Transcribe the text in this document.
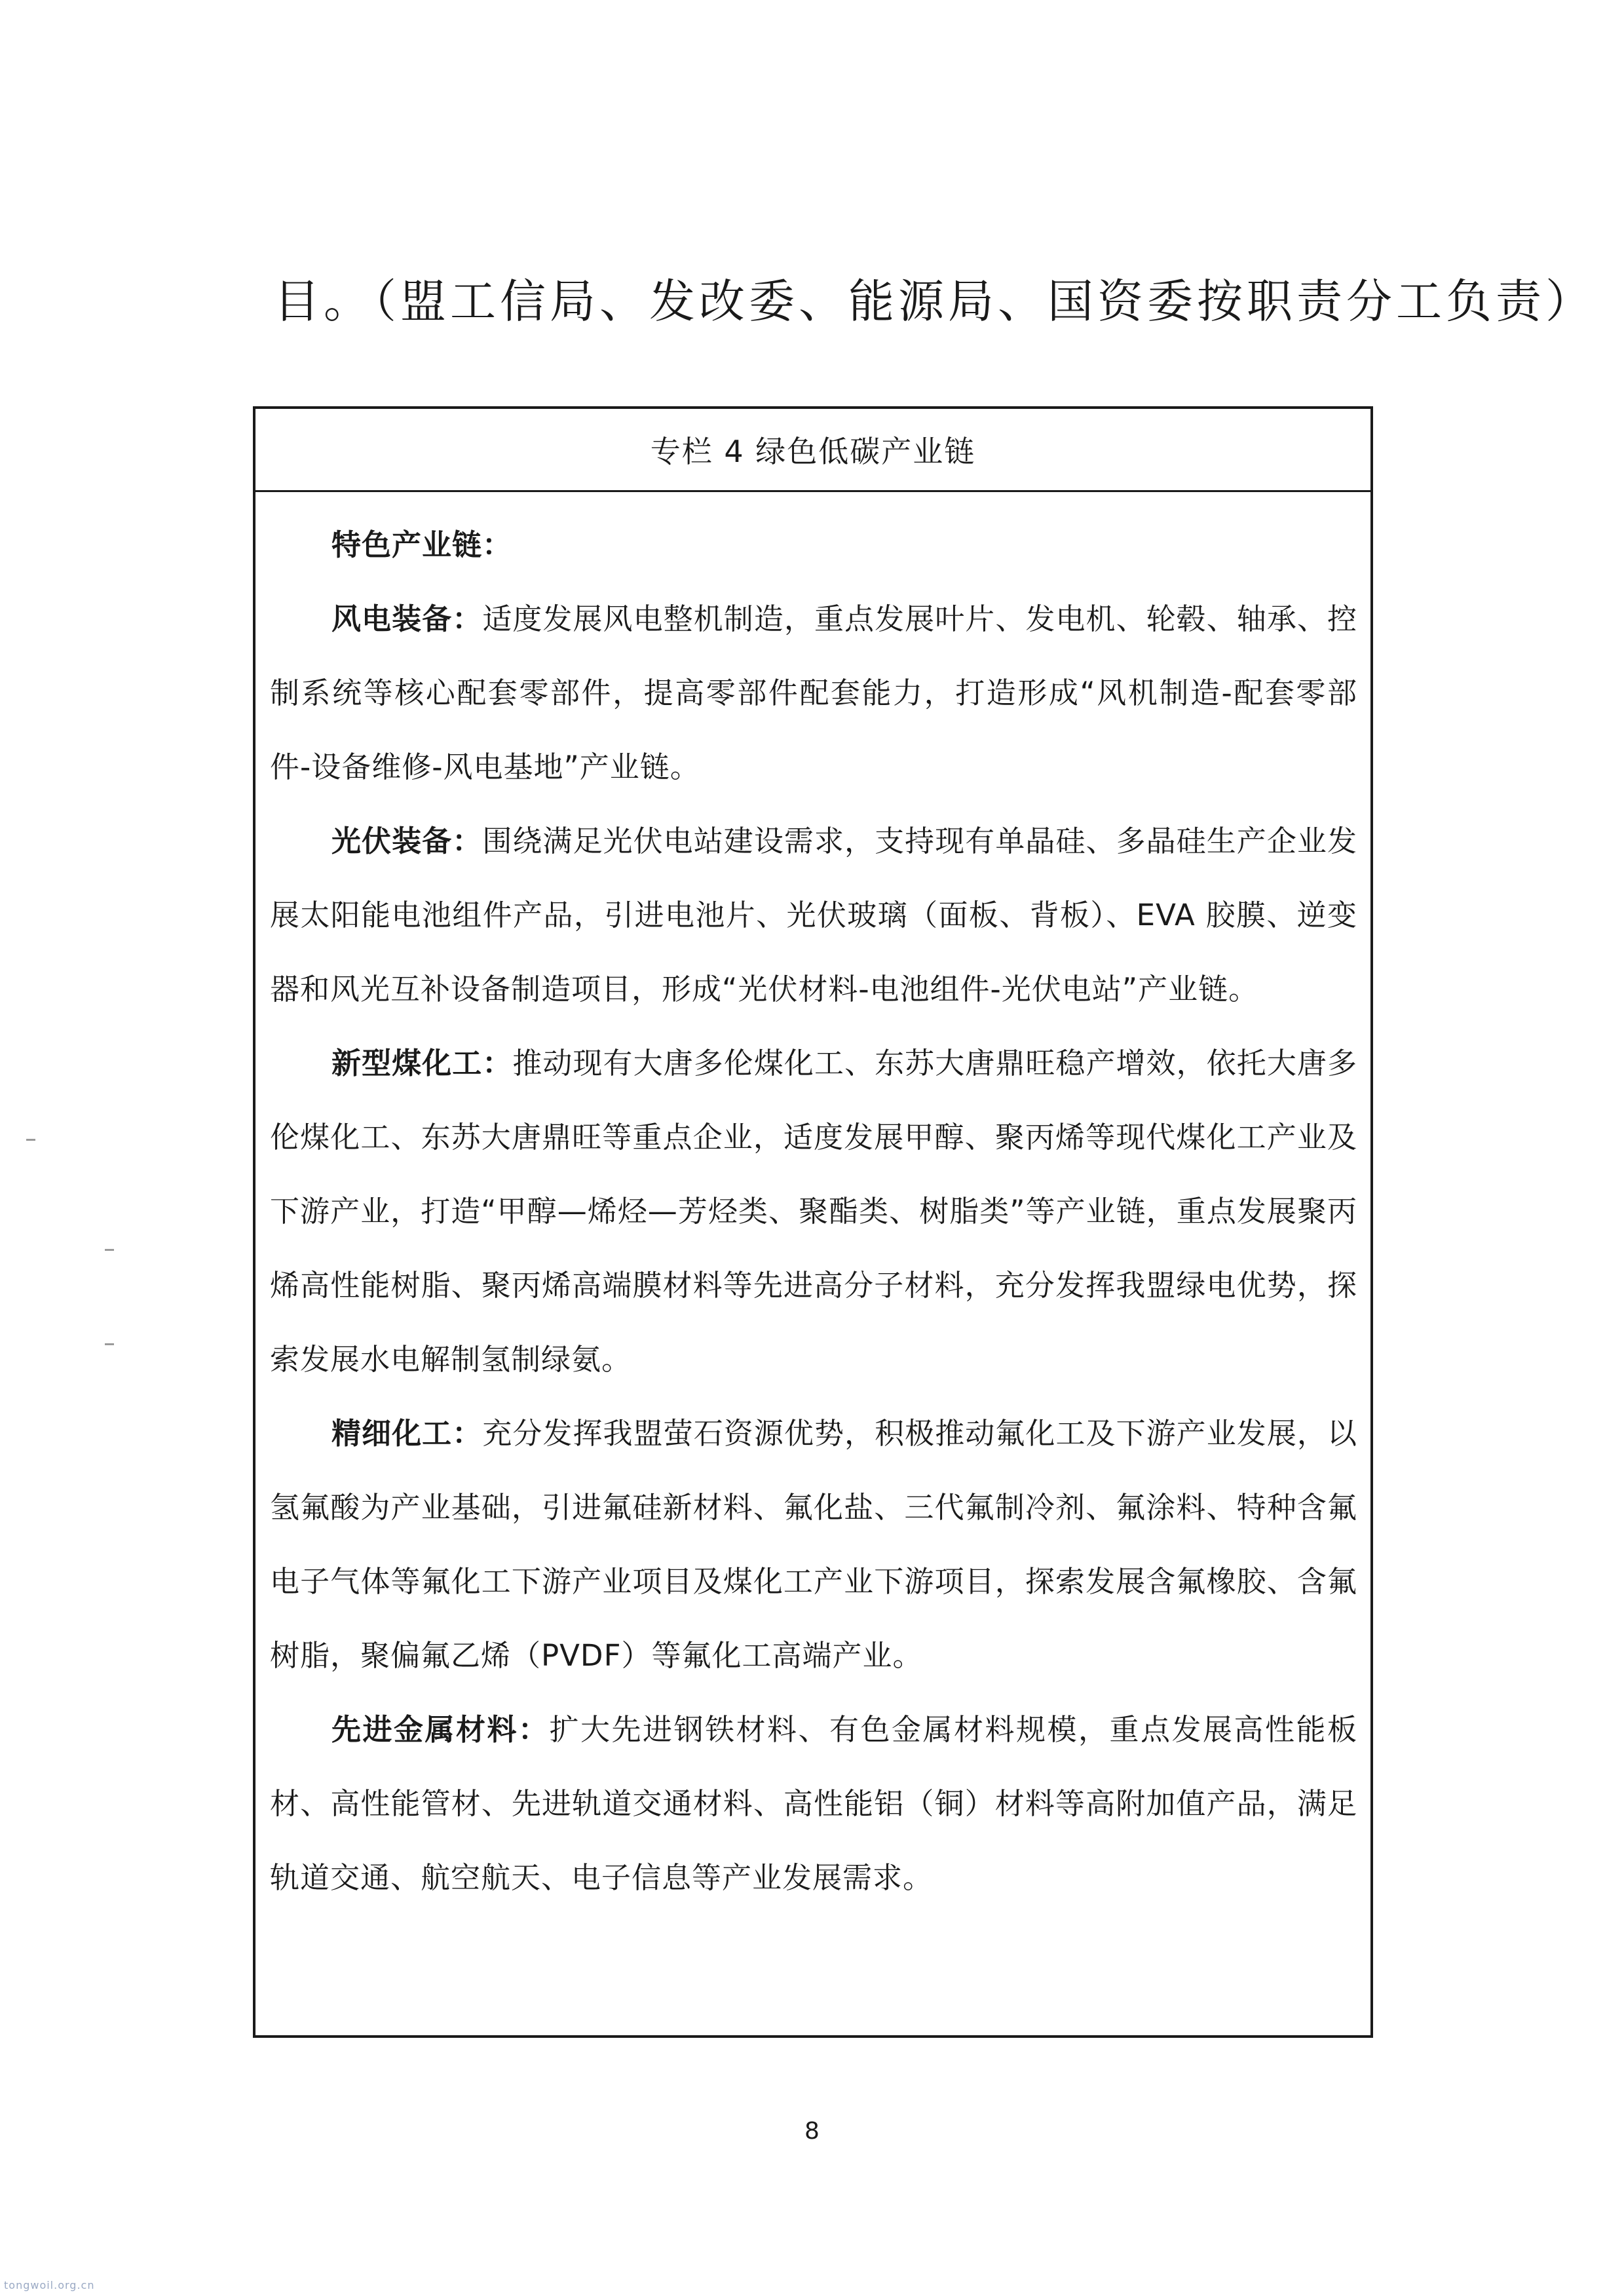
目。（盟工信局、发改委、能源局、国资委按职责分工负责）
专栏 4 绿色低碳产业链

特色产业链：

风电装备：适度发展风电整机制造，重点发展叶片、发电机、轮毂、轴承、控制系统等核心配套零部件，提高零部件配套能力，打造形成“风机制造-配套零部件-设备维修-风电基地”产业链。

光伏装备：围绕满足光伏电站建设需求，支持现有单晶硅、多晶硅生产企业发展太阳能电池组件产品，引进电池片、光伏玻璃（面板、背板）、EVA 胶膜、逆变器和风光互补设备制造项目，形成“光伏材料-电池组件-光伏电站”产业链。

新型煤化工：推动现有大唐多伦煤化工、东苏大唐鼎旺稳产增效，依托大唐多伦煤化工、东苏大唐鼎旺等重点企业，适度发展甲醇、聚丙烯等现代煤化工产业及下游产业，打造“甲醇—烯烃—芳烃类、聚酯类、树脂类”等产业链，重点发展聚丙烯高性能树脂、聚丙烯高端膜材料等先进高分子材料，充分发挥我盟绿电优势，探索发展水电解制氢制绿氨。

精细化工：充分发挥我盟萤石资源优势，积极推动氟化工及下游产业发展，以氢氟酸为产业基础，引进氟硅新材料、氟化盐、三代氟制冷剂、氟涂料、特种含氟电子气体等氟化工下游产业项目及煤化工产业下游项目，探索发展含氟橡胶、含氟树脂，聚偏氟乙烯（PVDF）等氟化工高端产业。

先进金属材料：扩大先进钢铁材料、有色金属材料规模，重点发展高性能板材、高性能管材、先进轨道交通材料、高性能铝（铜）材料等高附加值产品，满足轨道交通、航空航天、电子信息等产业发展需求。

8
tongwoil.org.cn
